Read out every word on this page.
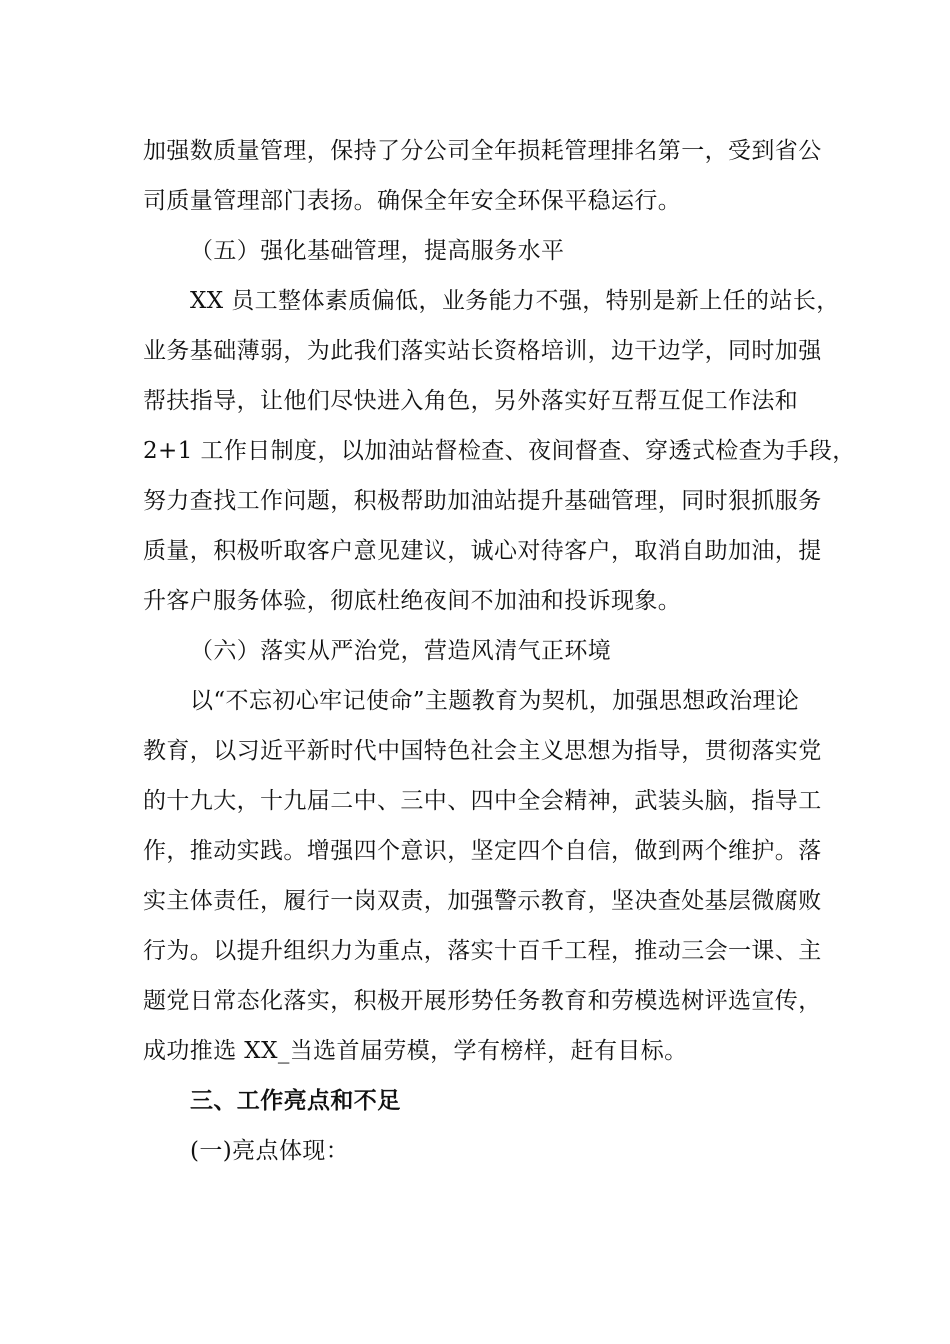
加强数质量管理，保持了分公司全年损耗管理排名第一，受到省公
司质量管理部门表扬。确保全年安全环保平稳运行。
（五）强化基础管理，提高服务水平
XX 员工整体素质偏低，业务能力不强，特别是新上任的站长，
业务基础薄弱，为此我们落实站长资格培训，边干边学，同时加强
帮扶指导，让他们尽快进入角色，另外落实好互帮互促工作法和
2+1 工作日制度，以加油站督检查、夜间督查、穿透式检查为手段，
努力查找工作问题，积极帮助加油站提升基础管理，同时狠抓服务
质量，积极听取客户意见建议，诚心对待客户，取消自助加油，提
升客户服务体验，彻底杜绝夜间不加油和投诉现象。
（六）落实从严治党，营造风清气正环境
以“不忘初心牢记使命”主题教育为契机，加强思想政治理论
教育，以习近平新时代中国特色社会主义思想为指导，贯彻落实党
的十九大，十九届二中、三中、四中全会精神，武装头脑，指导工
作，推动实践。增强四个意识，坚定四个自信，做到两个维护。落
实主体责任，履行一岗双责，加强警示教育，坚决查处基层微腐败
行为。以提升组织力为重点，落实十百千工程，推动三会一课、主
题党日常态化落实，积极开展形势任务教育和劳模选树评选宣传，
成功推选 XX_当选首届劳模，学有榜样，赶有目标。
三、工作亮点和不足
(一)亮点体现：
